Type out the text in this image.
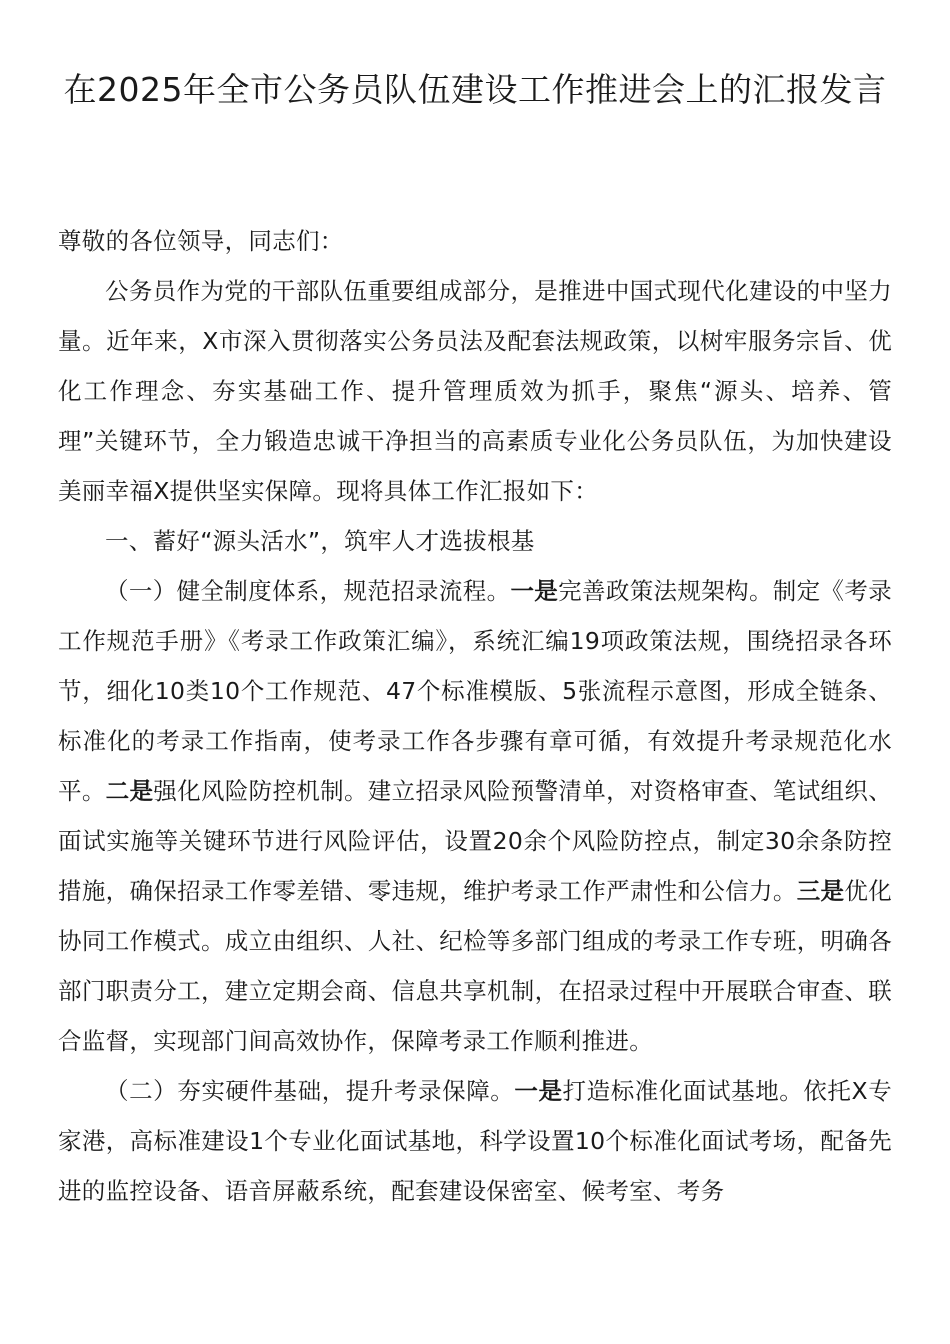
在2025年全市公务员队伍建设工作推进会上的汇报发言

尊敬的各位领导，同志们：

公务员作为党的干部队伍重要组成部分，是推进中国式现代化建设的中坚力量。近年来，X市深入贯彻落实公务员法及配套法规政策，以树牢服务宗旨、优化工作理念、夯实基础工作、提升管理质效为抓手，聚焦“源头、培养、管理”关键环节，全力锻造忠诚干净担当的高素质专业化公务员队伍，为加快建设美丽幸福X提供坚实保障。现将具体工作汇报如下：

一、蓄好“源头活水”，筑牢人才选拔根基

（一）健全制度体系，规范招录流程。一是完善政策法规架构。制定《考录工作规范手册》《考录工作政策汇编》，系统汇编19项政策法规，围绕招录各环节，细化10类10个工作规范、47个标准模版、5张流程示意图，形成全链条、标准化的考录工作指南，使考录工作各步骤有章可循，有效提升考录规范化水平。二是强化风险防控机制。建立招录风险预警清单，对资格审查、笔试组织、面试实施等关键环节进行风险评估，设置20余个风险防控点，制定30余条防控措施，确保招录工作零差错、零违规，维护考录工作严肃性和公信力。三是优化协同工作模式。成立由组织、人社、纪检等多部门组成的考录工作专班，明确各部门职责分工，建立定期会商、信息共享机制，在招录过程中开展联合审查、联合监督，实现部门间高效协作，保障考录工作顺利推进。

（二）夯实硬件基础，提升考录保障。一是打造标准化面试基地。依托X专家港，高标准建设1个专业化面试基地，科学设置10个标准化面试考场，配备先进的监控设备、语音屏蔽系统，配套建设保密室、候考室、考务
